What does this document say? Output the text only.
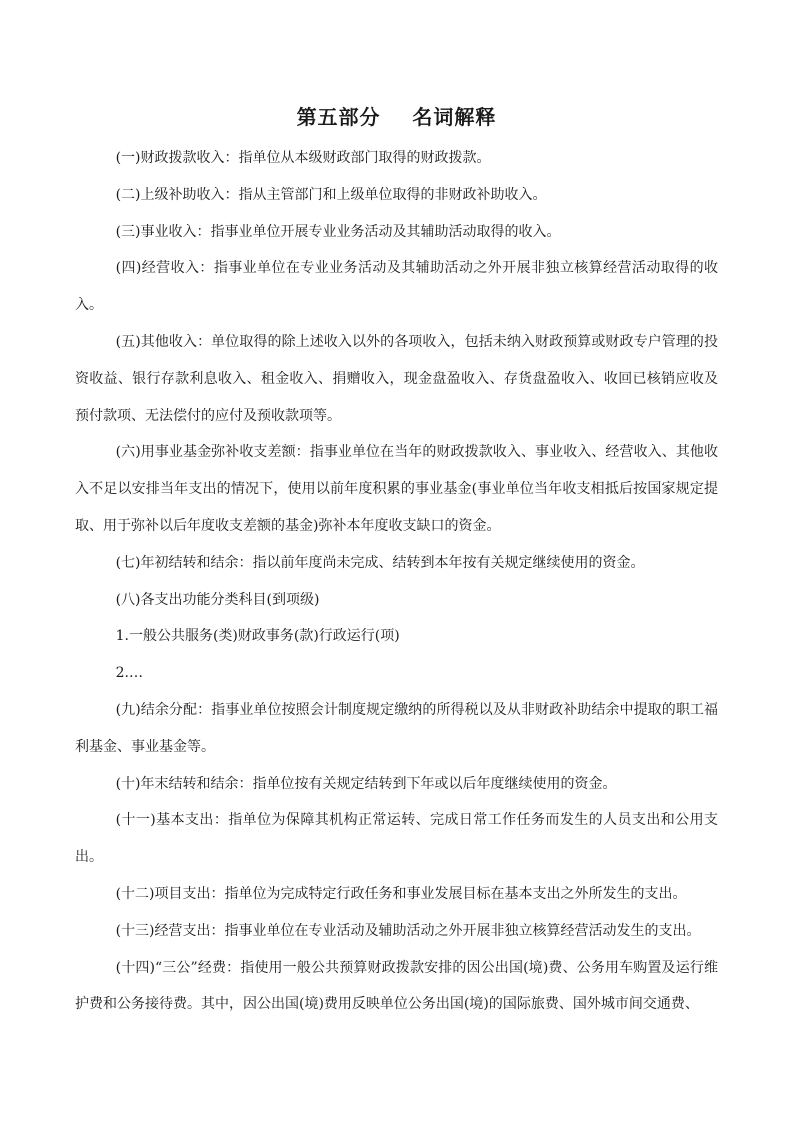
第五部分    名词解释

(一)财政拨款收入：指单位从本级财政部门取得的财政拨款。

(二)上级补助收入：指从主管部门和上级单位取得的非财政补助收入。

(三)事业收入：指事业单位开展专业业务活动及其辅助活动取得的收入。

(四)经营收入：指事业单位在专业业务活动及其辅助活动之外开展非独立核算经营活动取得的收入。

(五)其他收入：单位取得的除上述收入以外的各项收入，包括未纳入财政预算或财政专户管理的投资收益、银行存款利息收入、租金收入、捐赠收入，现金盘盈收入、存货盘盈收入、收回已核销应收及预付款项、无法偿付的应付及预收款项等。

(六)用事业基金弥补收支差额：指事业单位在当年的财政拨款收入、事业收入、经营收入、其他收入不足以安排当年支出的情况下，使用以前年度积累的事业基金(事业单位当年收支相抵后按国家规定提取、用于弥补以后年度收支差额的基金)弥补本年度收支缺口的资金。

(七)年初结转和结余：指以前年度尚未完成、结转到本年按有关规定继续使用的资金。

(八)各支出功能分类科目(到项级)

1.一般公共服务(类)财政事务(款)行政运行(项)

2.…

(九)结余分配：指事业单位按照会计制度规定缴纳的所得税以及从非财政补助结余中提取的职工福利基金、事业基金等。

(十)年末结转和结余：指单位按有关规定结转到下年或以后年度继续使用的资金。

(十一)基本支出：指单位为保障其机构正常运转、完成日常工作任务而发生的人员支出和公用支出。

(十二)项目支出：指单位为完成特定行政任务和事业发展目标在基本支出之外所发生的支出。

(十三)经营支出：指事业单位在专业活动及辅助活动之外开展非独立核算经营活动发生的支出。

(十四)“三公”经费：指使用一般公共预算财政拨款安排的因公出国(境)费、公务用车购置及运行维护费和公务接待费。其中，因公出国(境)费用反映单位公务出国(境)的国际旅费、国外城市间交通费、
